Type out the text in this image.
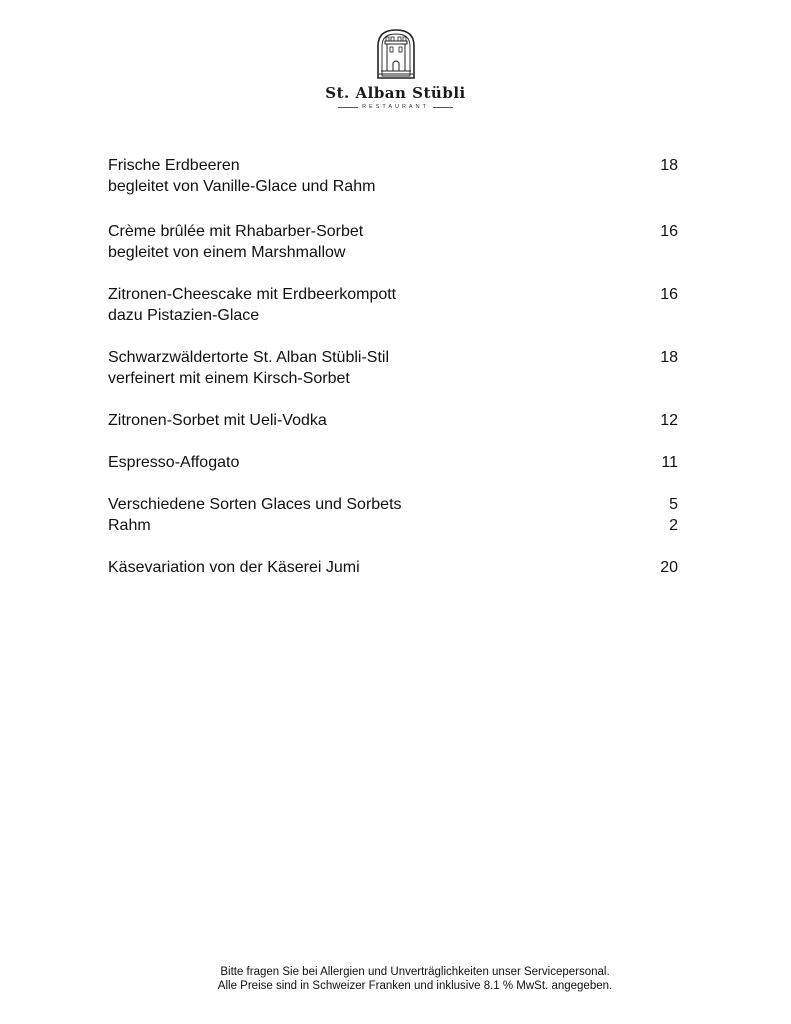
St. Alban Stübli
RESTAURANT
Frische Erdbeeren	18
begleitet von Vanille-Glace und Rahm
Crème brûlée mit Rhabarber-Sorbet	16
begleitet von einem Marshmallow
Zitronen-Cheescake mit Erdbeerkompott	16
dazu Pistazien-Glace
Schwarzwäldertorte St. Alban Stübli-Stil	18
verfeinert mit einem Kirsch-Sorbet
Zitronen-Sorbet mit Ueli-Vodka	12
Espresso-Affogato	11
Verschiedene Sorten Glaces und Sorbets	5
Rahm	2
Käsevariation von der Käserei Jumi	20
Bitte fragen Sie bei Allergien und Unverträglichkeiten unser Servicepersonal.
Alle Preise sind in Schweizer Franken und inklusive 8.1 % MwSt. angegeben.
